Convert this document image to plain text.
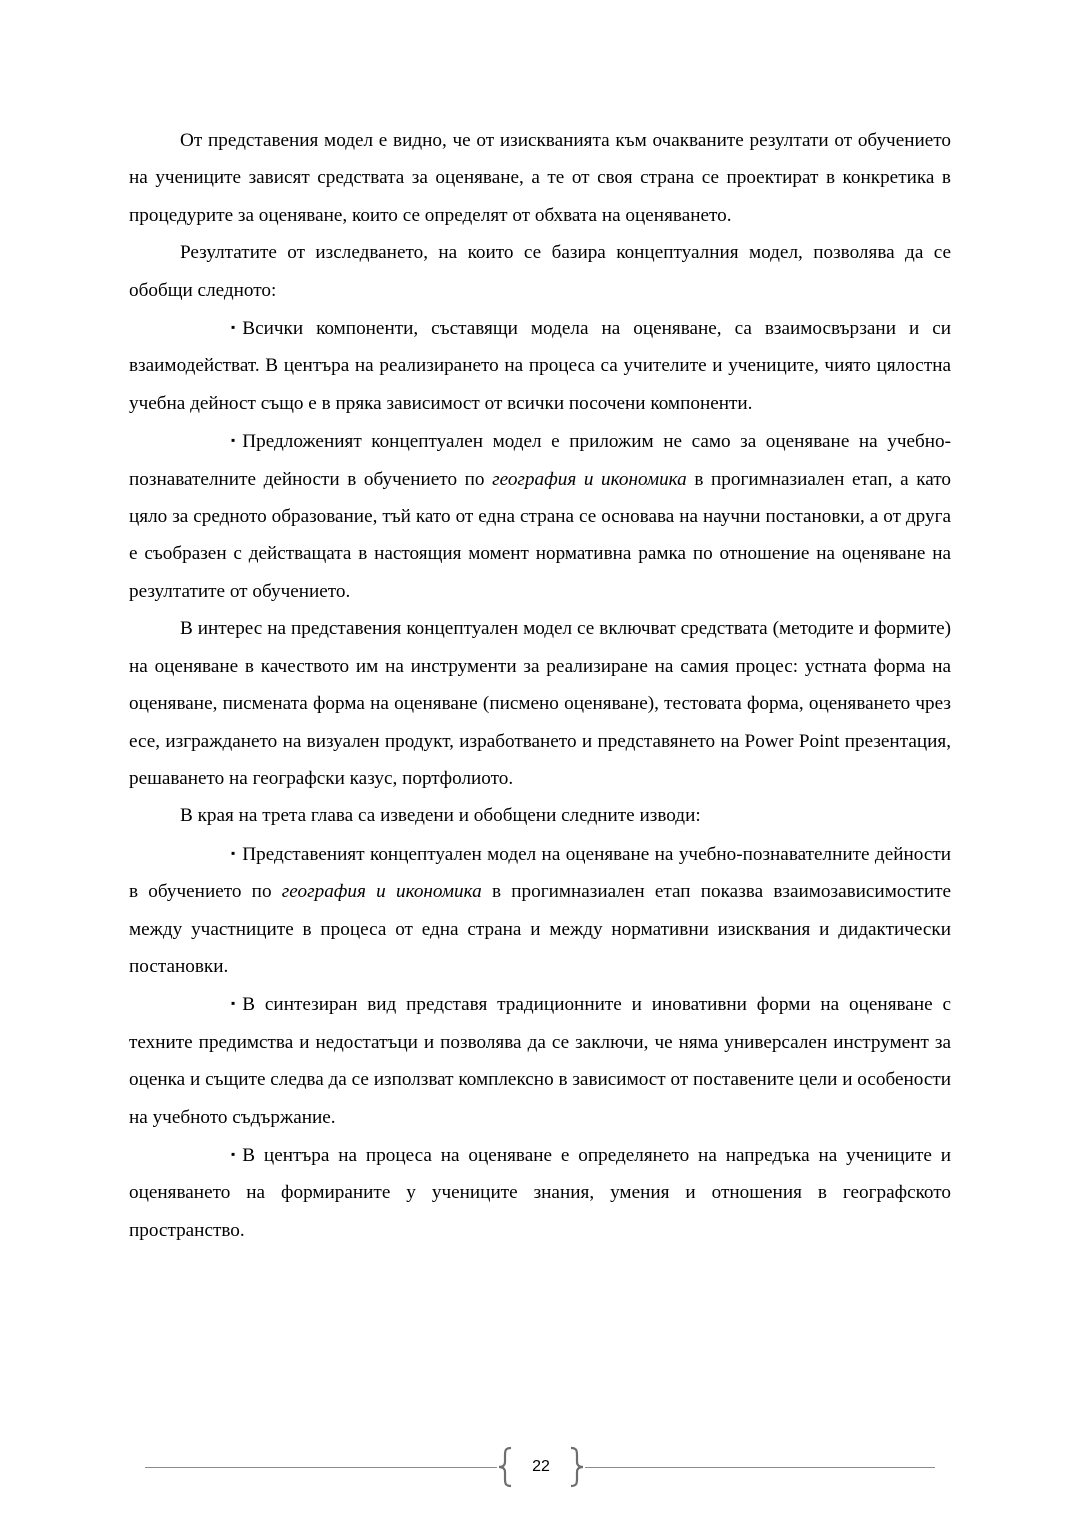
От представения модел е видно, че от изискванията към очакваните резултати от обучението на учениците зависят средствата за оценяване, а те от своя страна се проектират в конкретика в процедурите за оценяване, които се определят от обхвата на оценяването.

Резултатите от изследването, на които се базира концептуалния модел, позволява да се обобщи следното:

▪ Всички компоненти, съставящи модела на оценяване, са взаимосвързани и си взаимодействат. В центъра на реализирането на процеса са учителите и учениците, чиято цялостна учебна дейност също е в пряка зависимост от всички посочени компоненти.

▪ Предложеният концептуален модел е приложим не само за оценяване на учебно-познавателните дейности в обучението по география и икономика в прогимназиален етап, а като цяло за средното образование, тъй като от една страна се основава на научни постановки, а от друга е съобразен с действащата в настоящия момент нормативна рамка по отношение на оценяване на резултатите от обучението.

В интерес на представения концептуален модел се включват средствата (методите и формите) на оценяване в качеството им на инструменти за реализиране на самия процес: устната форма на оценяване, писмената форма на оценяване (писмено оценяване), тестовата форма, оценяването чрез есе, изграждането на визуален продукт, изработването и представянето на Power Point презентация, решаването на географски казус, портфолиото.

В края на трета глава са изведени и обобщени следните изводи:

▪ Представеният концептуален модел на оценяване на учебно-познавателните дейности в обучението по география и икономика в прогимназиален етап показва взаимозависимостите между участниците в процеса от една страна и между нормативни изисквания и дидактически постановки.

▪ В синтезиран вид представя традиционните и иновативни форми на оценяване с техните предимства и недостатъци и позволява да се заключи, че няма универсален инструмент за оценка и същите следва да се използват комплексно в зависимост от поставените цели и особености на учебното съдържание.

▪ В центъра на процеса на оценяване е определянето на напредъка на учениците и оценяването на формираните у учениците знания, умения и отношения в географското пространство.

22
